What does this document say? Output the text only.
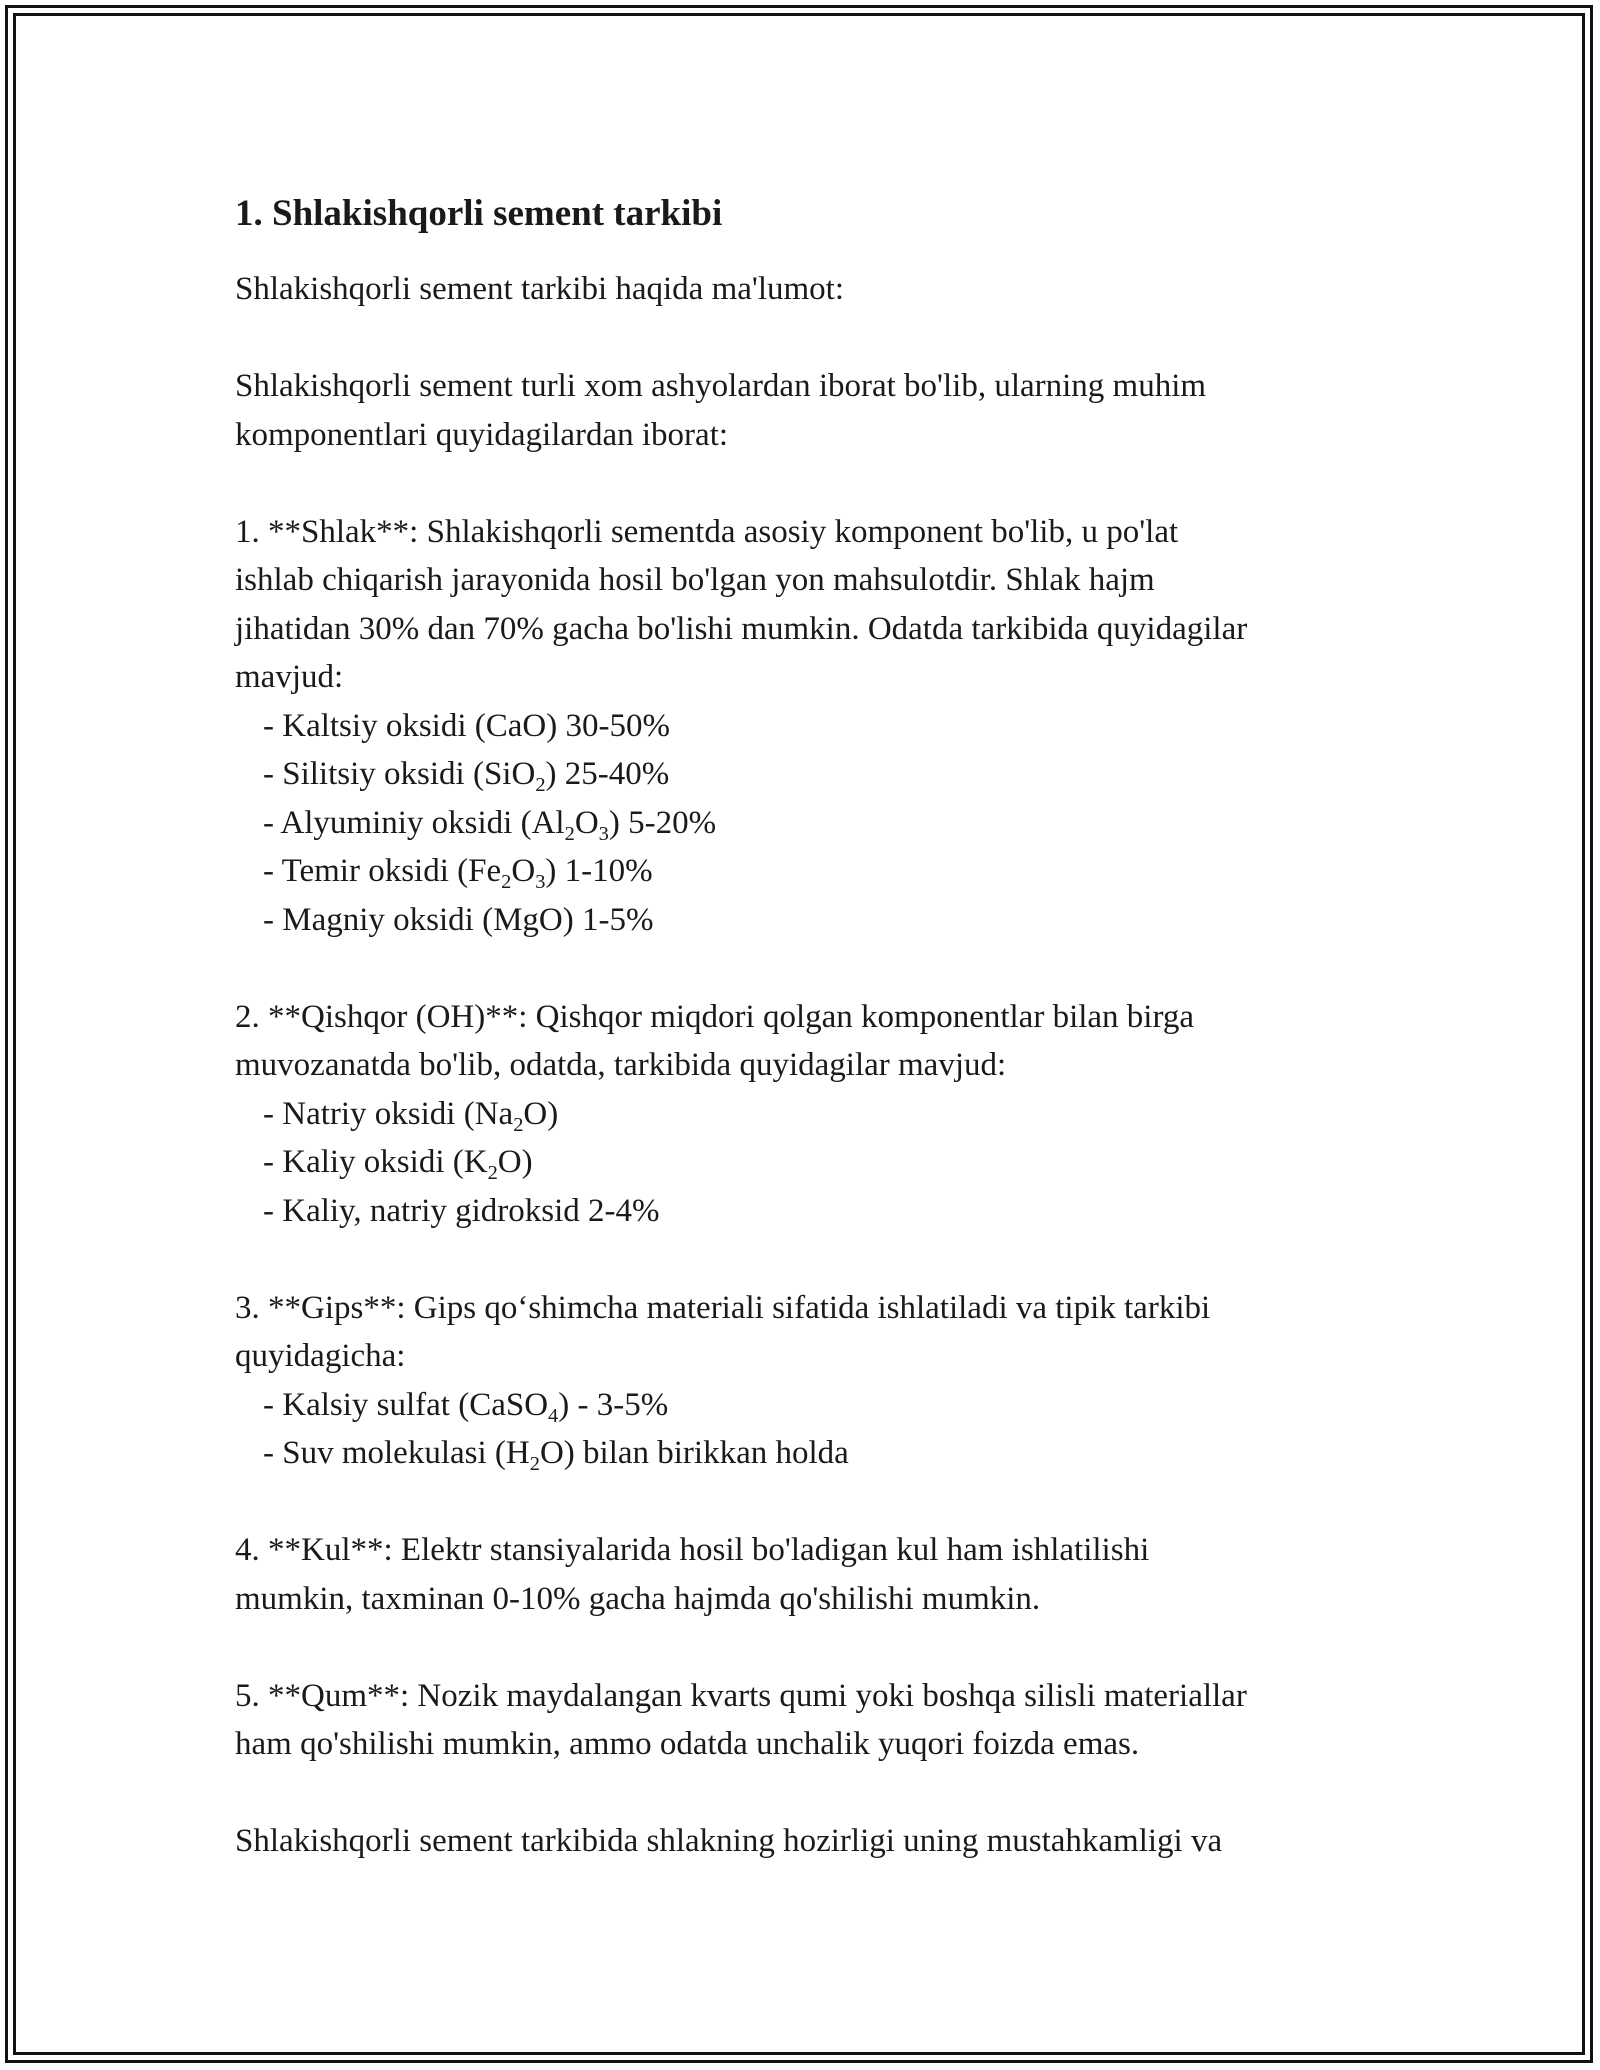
1. Shlakishqorli sement tarkibi

Shlakishqorli sement tarkibi haqida ma'lumot:

Shlakishqorli sement turli xom ashyolardan iborat bo'lib, ularning muhim komponentlari quyidagilardan iborat:

1. **Shlak**: Shlakishqorli sementda asosiy komponent bo'lib, u po'lat

ishlab chiqarish jarayonida hosil bo'lgan yon mahsulotdir. Shlak hajm

jihatidan 30% dan 70% gacha bo'lishi mumkin. Odatda tarkibida quyidagilar

mavjud:

- Kaltsiy oksidi (CaO) 30-50%

- Silitsiy oksidi (SiO$_2$) 25-40%

- Alyuminiy oksidi $(Al_2O_3)$ 5-20%

- Temir oksidi $(Fe_2O_3)$ 1-10%

- Magniy oksidi (MgO) 1-5%

2. **Qishqor (OH)**: Qishqor miqdori qolgan komponentlar bilan birga

muvozanatda bo'lib, odatda, tarkibida quyidagilar mavjud:

- Natriy oksidi $(Na_2O)$

- Kaliy oksidi $(K_2O)$

- Kaliy, natriy gidroksid 2-4%

3. **Gips**: Gips qo‘shimcha materiali sifatida ishlatiladi va tipik tarkibi

quyidagicha:

- Kalsiy sulfat (CaSO$_4$) - 3-5%

- Suv molekulasi $(H_2O)$ bilan birikkan holda

4. **Kul**: Elektr stansiyalarida hosil bo'ladigan kul ham ishlatilishi

mumkin, taxminan 0-10% gacha hajmda qo'shilishi mumkin.

5. **Qum**: Nozik maydalangan kvarts qumi yoki boshqa silisli materiallar

ham qo'shilishi mumkin, ammo odatda unchalik yuqori foizda emas.

Shlakishqorli sement tarkibida shlakning hozirligi uning mustahkamligi va
